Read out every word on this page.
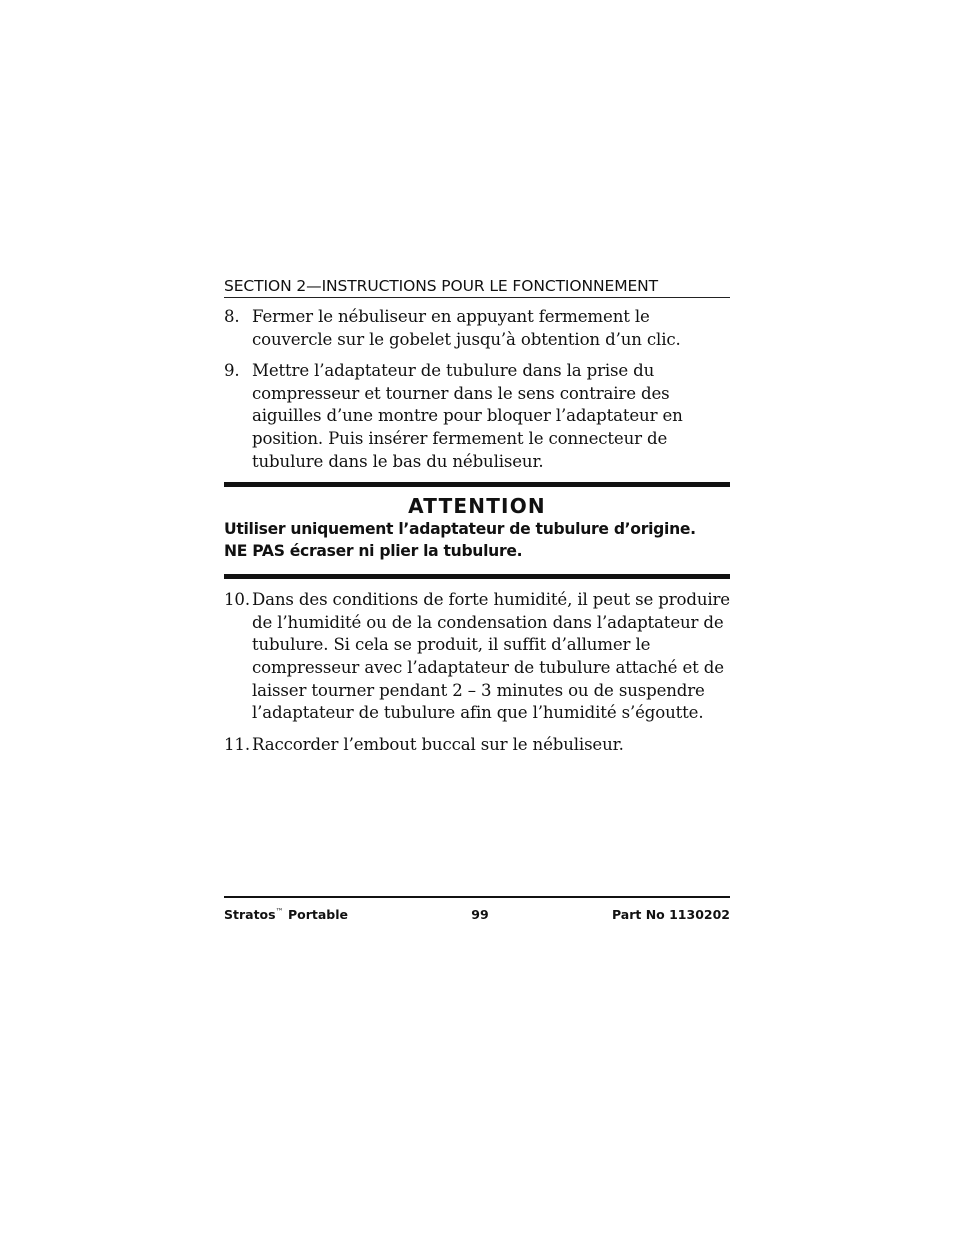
SECTION 2—INSTRUCTIONS POUR LE FONCTIONNEMENT
8. Fermer le nébuliseur en appuyant fermement le couvercle sur le gobelet jusqu’à obtention d’un clic.
9. Mettre l’adaptateur de tubulure dans la prise du compresseur et tourner dans le sens contraire des aiguilles d’une montre pour bloquer l’adaptateur en position. Puis insérer fermement le connecteur de tubulure dans le bas du nébuliseur.
ATTENTION
Utiliser uniquement l’adaptateur de tubulure d’origine.
NE PAS écraser ni plier la tubulure.
10. Dans des conditions de forte humidité, il peut se produire de l’humidité ou de la condensation dans l’adaptateur de tubulure. Si cela se produit, il suffit d’allumer le compresseur avec l’adaptateur de tubulure attaché et de laisser tourner pendant 2 – 3 minutes ou de suspendre l’adaptateur de tubulure afin que l’humidité s’égoutte.
11. Raccorder l’embout buccal sur le nébuliseur.
Stratos™ Portable	99	Part No 1130202
